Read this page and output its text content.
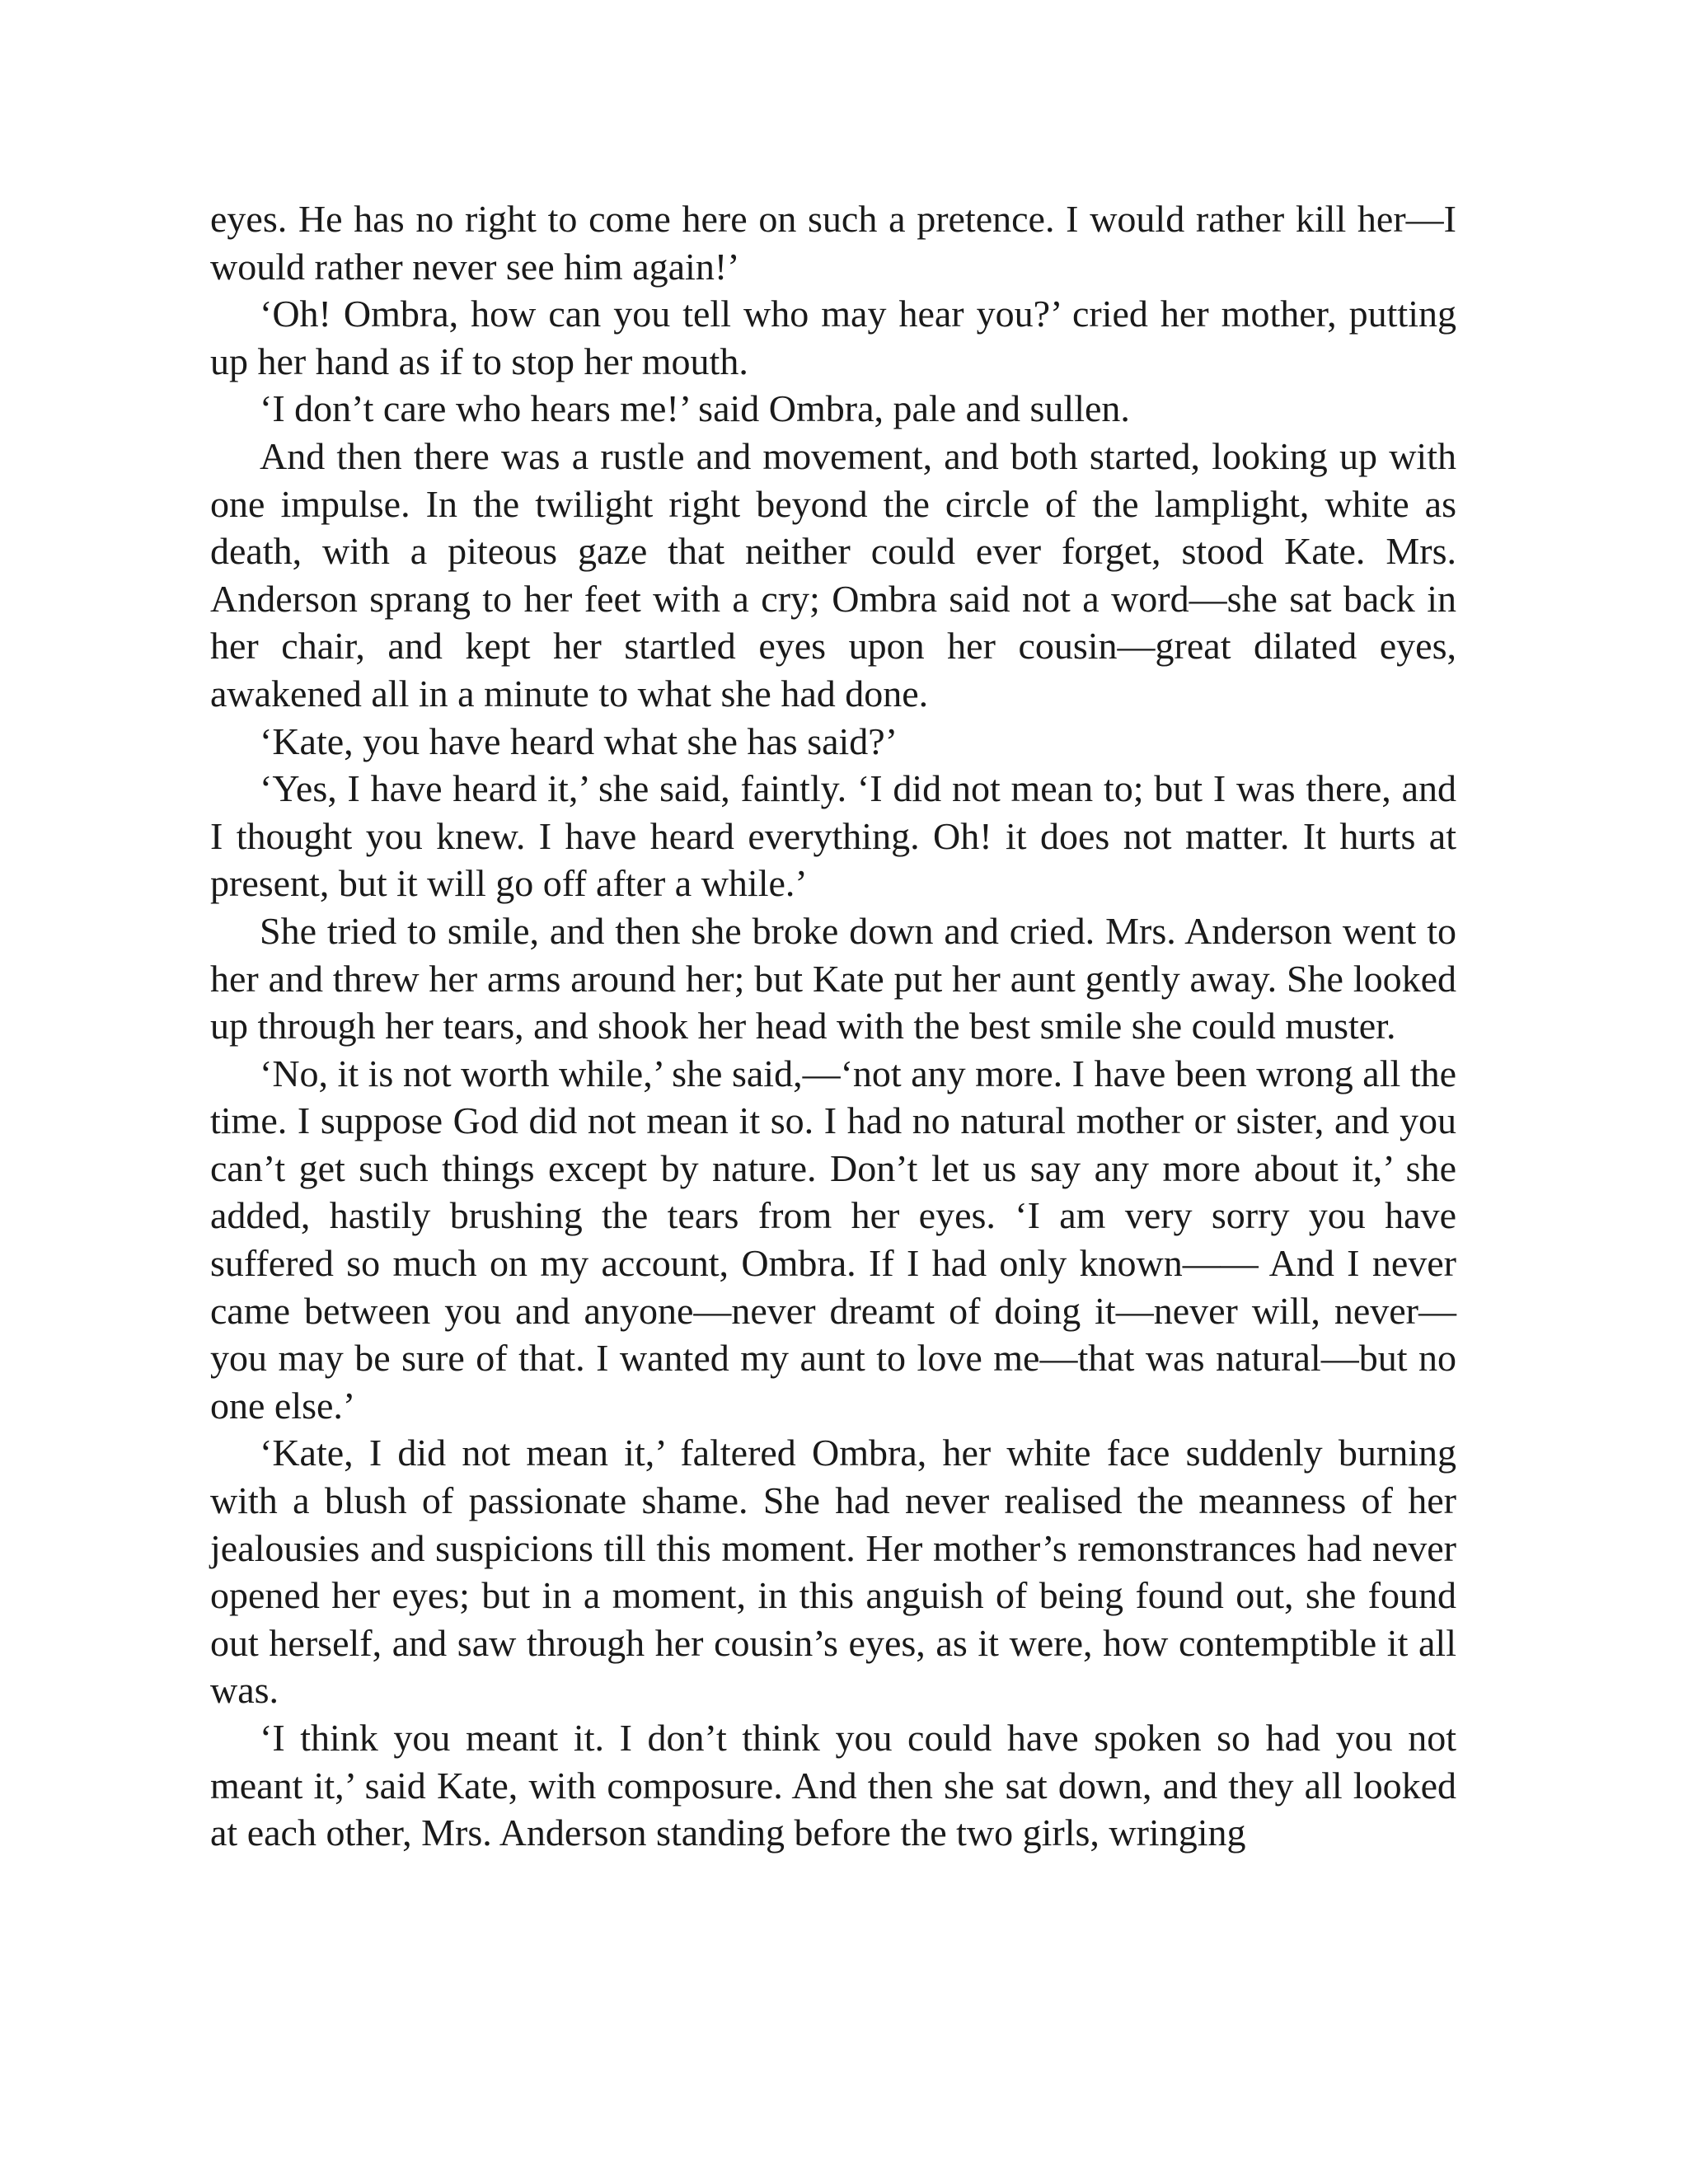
eyes. He has no right to come here on such a pretence. I would rather kill her—I would rather never see him again!’

‘Oh! Ombra, how can you tell who may hear you?’ cried her mother, putting up her hand as if to stop her mouth.

‘I don’t care who hears me!’ said Ombra, pale and sullen.

And then there was a rustle and movement, and both started, looking up with one impulse. In the twilight right beyond the circle of the lamplight, white as death, with a piteous gaze that neither could ever forget, stood Kate. Mrs. Anderson sprang to her feet with a cry; Ombra said not a word—she sat back in her chair, and kept her startled eyes upon her cousin—great dilated eyes, awakened all in a minute to what she had done.

‘Kate, you have heard what she has said?’

‘Yes, I have heard it,’ she said, faintly. ‘I did not mean to; but I was there, and I thought you knew. I have heard everything. Oh! it does not matter. It hurts at present, but it will go off after a while.’

She tried to smile, and then she broke down and cried. Mrs. Anderson went to her and threw her arms around her; but Kate put her aunt gently away. She looked up through her tears, and shook her head with the best smile she could muster.

‘No, it is not worth while,’ she said,—‘not any more. I have been wrong all the time. I suppose God did not mean it so. I had no natural mother or sister, and you can’t get such things except by nature. Don’t let us say any more about it,’ she added, hastily brushing the tears from her eyes. ‘I am very sorry you have suffered so much on my account, Ombra. If I had only known—— And I never came between you and anyone—never dreamt of doing it—never will, never—you may be sure of that. I wanted my aunt to love me—that was natural—but no one else.’

‘Kate, I did not mean it,’ faltered Ombra, her white face suddenly burning with a blush of passionate shame. She had never realised the meanness of her jealousies and suspicions till this moment. Her mother’s remonstrances had never opened her eyes; but in a moment, in this anguish of being found out, she found out herself, and saw through her cousin’s eyes, as it were, how contemptible it all was.

‘I think you meant it. I don’t think you could have spoken so had you not meant it,’ said Kate, with composure. And then she sat down, and they all looked at each other, Mrs. Anderson standing before the two girls, wringing
